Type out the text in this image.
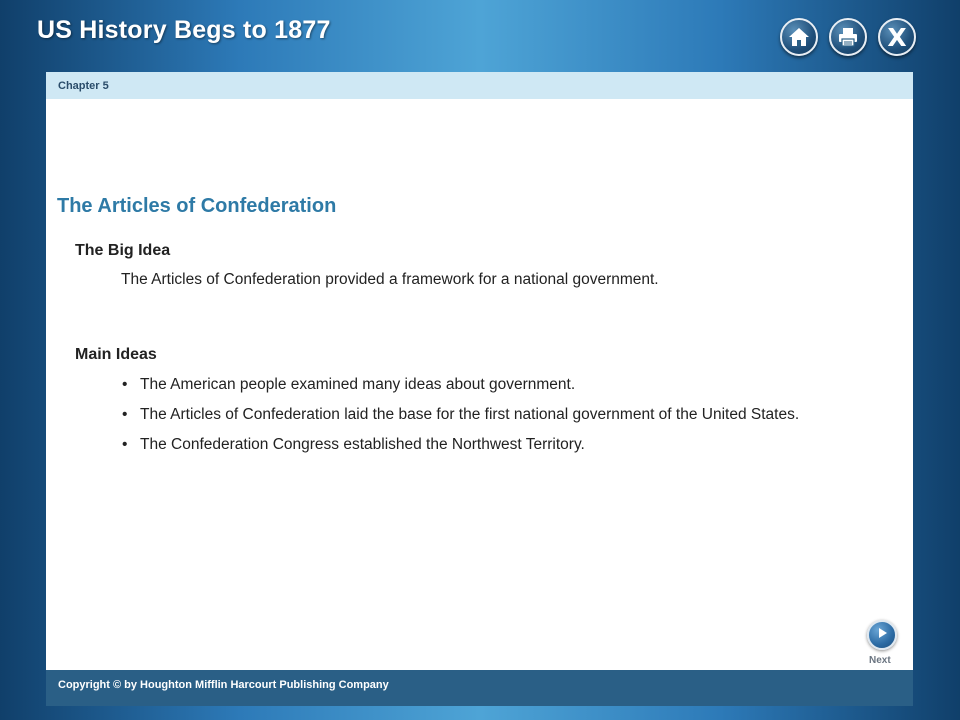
US History Begs to 1877	X
Chapter 5
The Articles of Confederation
The Big Idea
The Articles of Confederation provided a framework for a national government.
Main Ideas
• The American people examined many ideas about government.
• The Articles of Confederation laid the base for the first national government of the United States.
• The Confederation Congress established the Northwest Territory.
Next
Copyright © by Houghton Mifflin Harcourt Publishing Company
